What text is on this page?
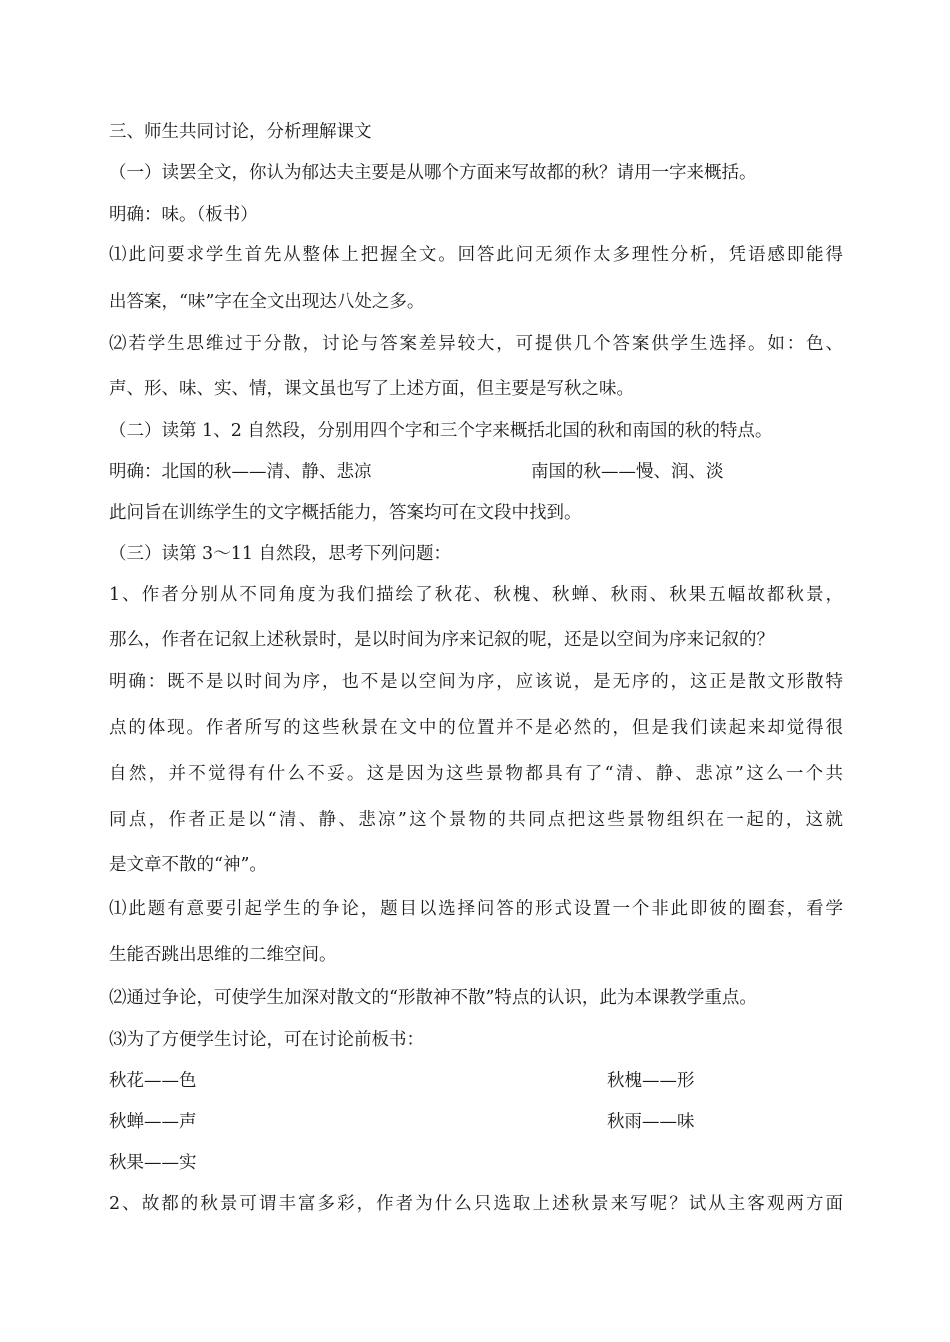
三、师生共同讨论，分析理解课文
（一）读罢全文，你认为郁达夫主要是从哪个方面来写故都的秋？请用一字来概括。
明确：味。（板书）
⑴此问要求学生首先从整体上把握全文。回答此问无须作太多理性分析，凭语感即能得
出答案，“味”字在全文出现达八处之多。
⑵若学生思维过于分散，讨论与答案差异较大，可提供几个答案供学生选择。如：色、
声、形、味、实、情，课文虽也写了上述方面，但主要是写秋之味。
（二）读第 1、2 自然段，分别用四个字和三个字来概括北国的秋和南国的秋的特点。
明确：北国的秋——清、静、悲凉	南国的秋——慢、润、淡
此问旨在训练学生的文字概括能力，答案均可在文段中找到。
（三）读第 3～11 自然段，思考下列问题：
1、作者分别从不同角度为我们描绘了秋花、秋槐、秋蝉、秋雨、秋果五幅故都秋景，
那么，作者在记叙上述秋景时，是以时间为序来记叙的呢，还是以空间为序来记叙的？
明确：既不是以时间为序，也不是以空间为序，应该说，是无序的，这正是散文形散特
点的体现。作者所写的这些秋景在文中的位置并不是必然的，但是我们读起来却觉得很
自然，并不觉得有什么不妥。这是因为这些景物都具有了“清、静、悲凉”这么一个共
同点，作者正是以“清、静、悲凉”这个景物的共同点把这些景物组织在一起的，这就
是文章不散的“神”。
⑴此题有意要引起学生的争论，题目以选择问答的形式设置一个非此即彼的圈套，看学
生能否跳出思维的二维空间。
⑵通过争论，可使学生加深对散文的“形散神不散”特点的认识，此为本课教学重点。
⑶为了方便学生讨论，可在讨论前板书：
秋花——色	秋槐——形
秋蝉——声	秋雨——味
秋果——实
2、故都的秋景可谓丰富多彩，作者为什么只选取上述秋景来写呢？试从主客观两方面
